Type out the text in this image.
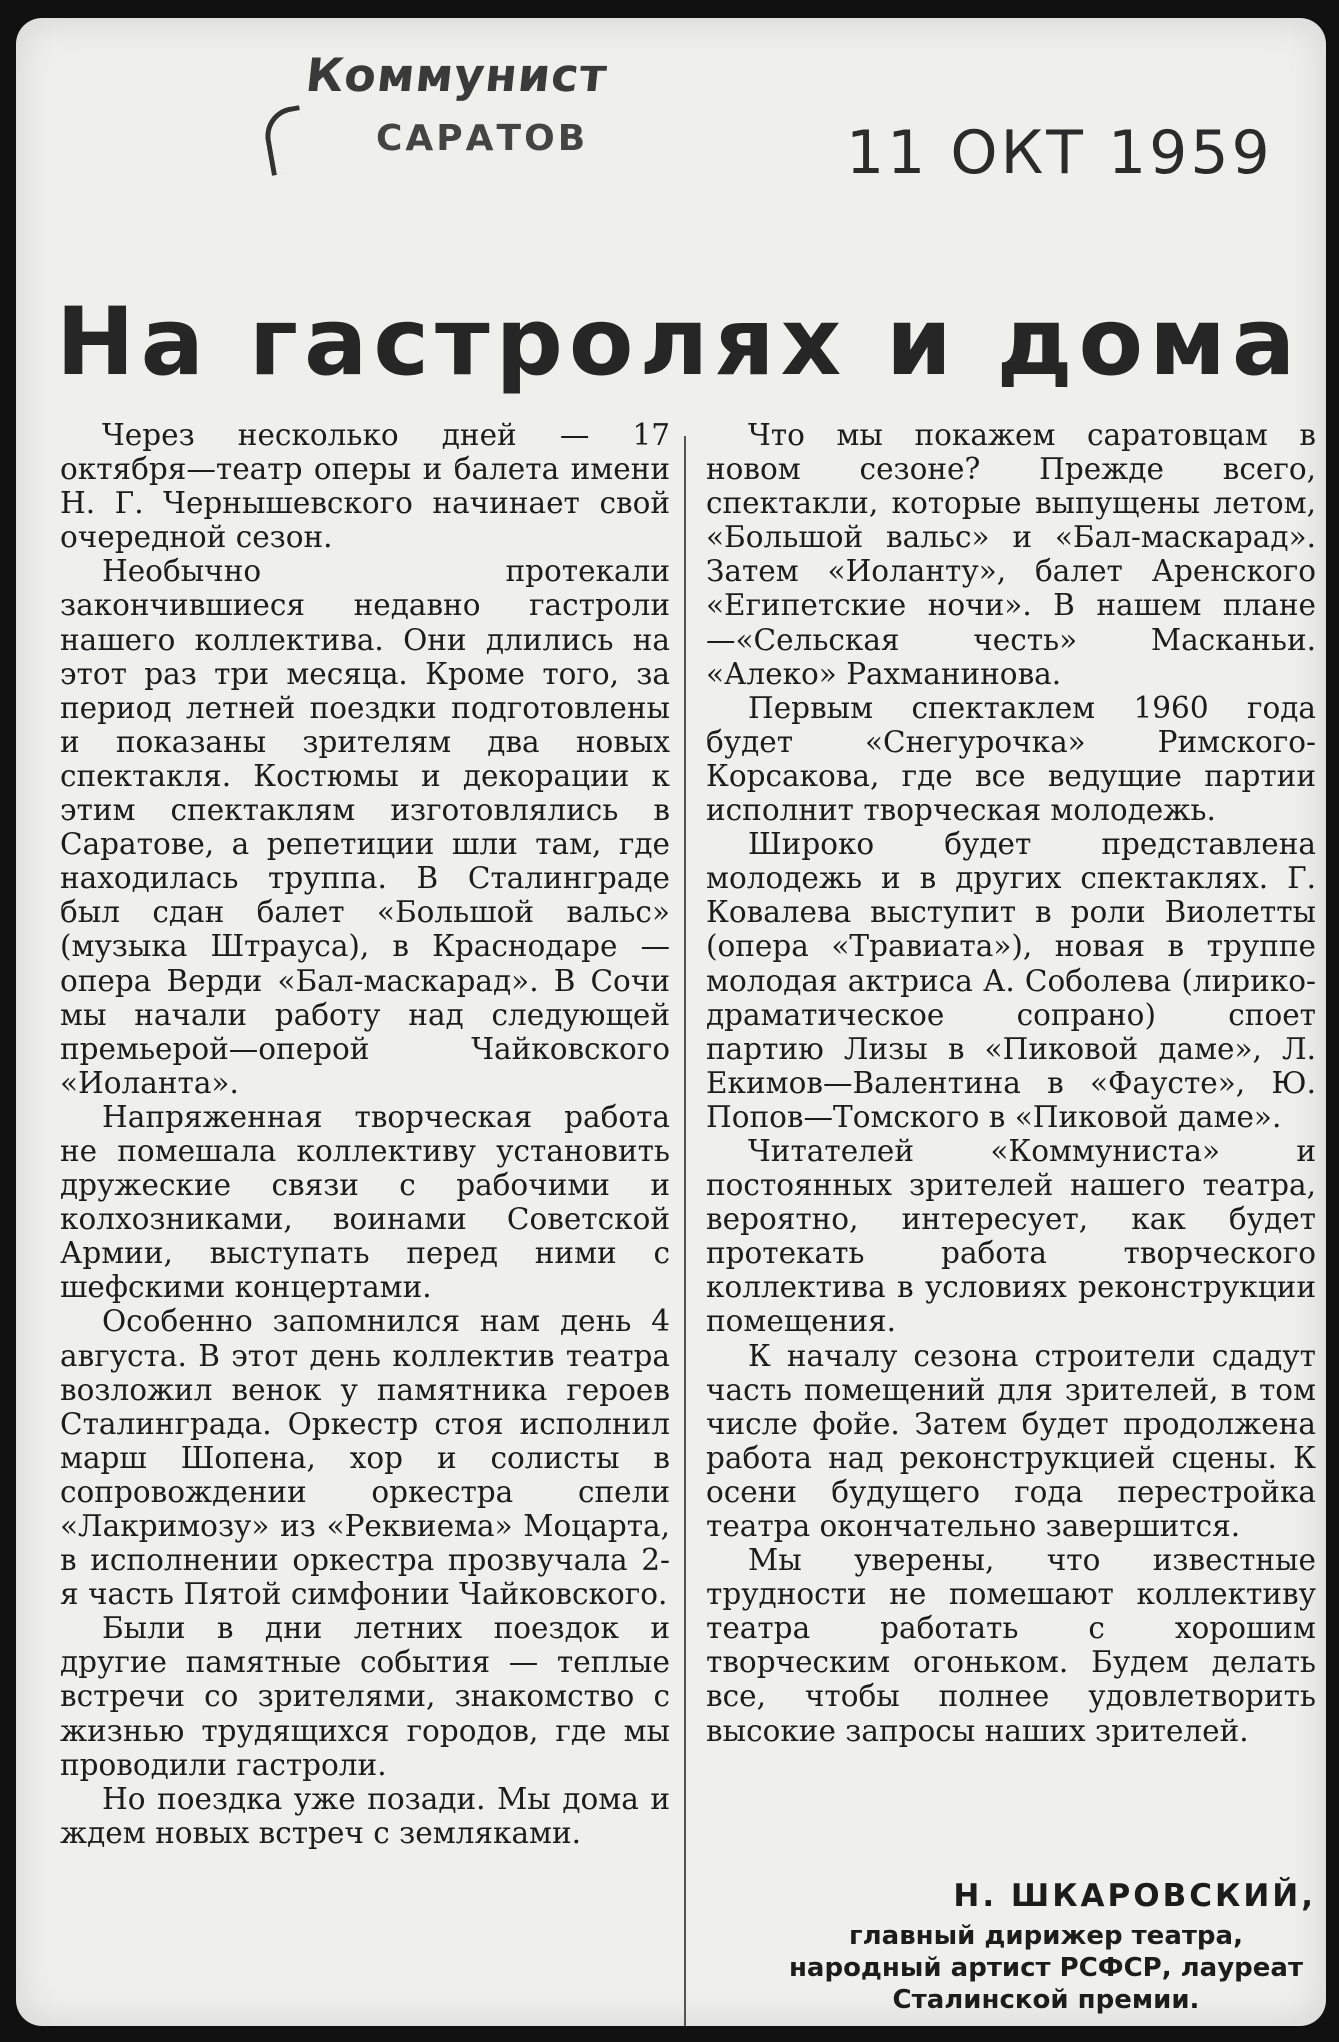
Коммунист
САРАТОВ	11 ОКТ 1959
На гастролях и дома

Через несколько дней — 17 октября—театр оперы и балета имени Н. Г. Чернышевского начинает свой очередной сезон.

Необычно протекали закончившиеся недавно гастроли нашего коллектива. Они длились на этот раз три месяца. Кроме того, за период летней поездки подготовлены и показаны зрителям два новых спектакля. Костюмы и декорации к этим спектаклям изготовлялись в Саратове, а репетиции шли там, где находилась труппа. В Сталинграде был сдан балет «Большой вальс» (музыка Штрауса), в Краснодаре — опера Верди «Бал-маскарад». В Сочи мы начали работу над следующей премьерой—оперой Чайковского «Иоланта».

Напряженная творческая работа не помешала коллективу установить дружеские связи с рабочими и колхозниками, воинами Советской Армии, выступать перед ними с шефскими концертами.

Особенно запомнился нам день 4 августа. В этот день коллектив театра возложил венок у памятника героев Сталинграда. Оркестр стоя исполнил марш Шопена, хор и солисты в сопровождении оркестра спели «Лакримозу» из «Реквиема» Моцарта, в исполнении оркестра прозвучала 2-я часть Пятой симфонии Чайковского.

Были в дни летних поездок и другие памятные события — теплые встречи со зрителями, знакомство с жизнью трудящихся городов, где мы проводили гастроли.

Но поездка уже позади. Мы дома и ждем новых встреч с земляками.

Что мы покажем саратовцам в новом сезоне? Прежде всего, спектакли, которые выпущены летом, «Большой вальс» и «Бал-маскарад». Затем «Иоланту», балет Аренского «Египетские ночи». В нашем плане—«Сельская честь» Масканьи. «Алеко» Рахманинова.

Первым спектаклем 1960 года будет «Снегурочка» Римского-Корсакова, где все ведущие партии исполнит творческая молодежь.

Широко будет представлена молодежь и в других спектаклях. Г. Ковалева выступит в роли Виолетты (опера «Травиата»), новая в труппе молодая актриса А. Соболева (лирико-драматическое сопрано) споет партию Лизы в «Пиковой даме», Л. Екимов—Валентина в «Фаусте», Ю. Попов—Томского в «Пиковой даме».

Читателей «Коммуниста» и постоянных зрителей нашего театра, вероятно, интересует, как будет протекать работа творческого коллектива в условиях реконструкции помещения.

К началу сезона строители сдадут часть помещений для зрителей, в том числе фойе. Затем будет продолжена работа над реконструкцией сцены. К осени будущего года перестройка театра окончательно завершится.

Мы уверены, что известные трудности не помешают коллективу театра работать с хорошим творческим огоньком. Будем делать все, чтобы полнее удовлетворить высокие запросы наших зрителей.

Н. ШКАРОВСКИЙ,
главный дирижер театра, народный артист РСФСР, лауреат Сталинской премии.
